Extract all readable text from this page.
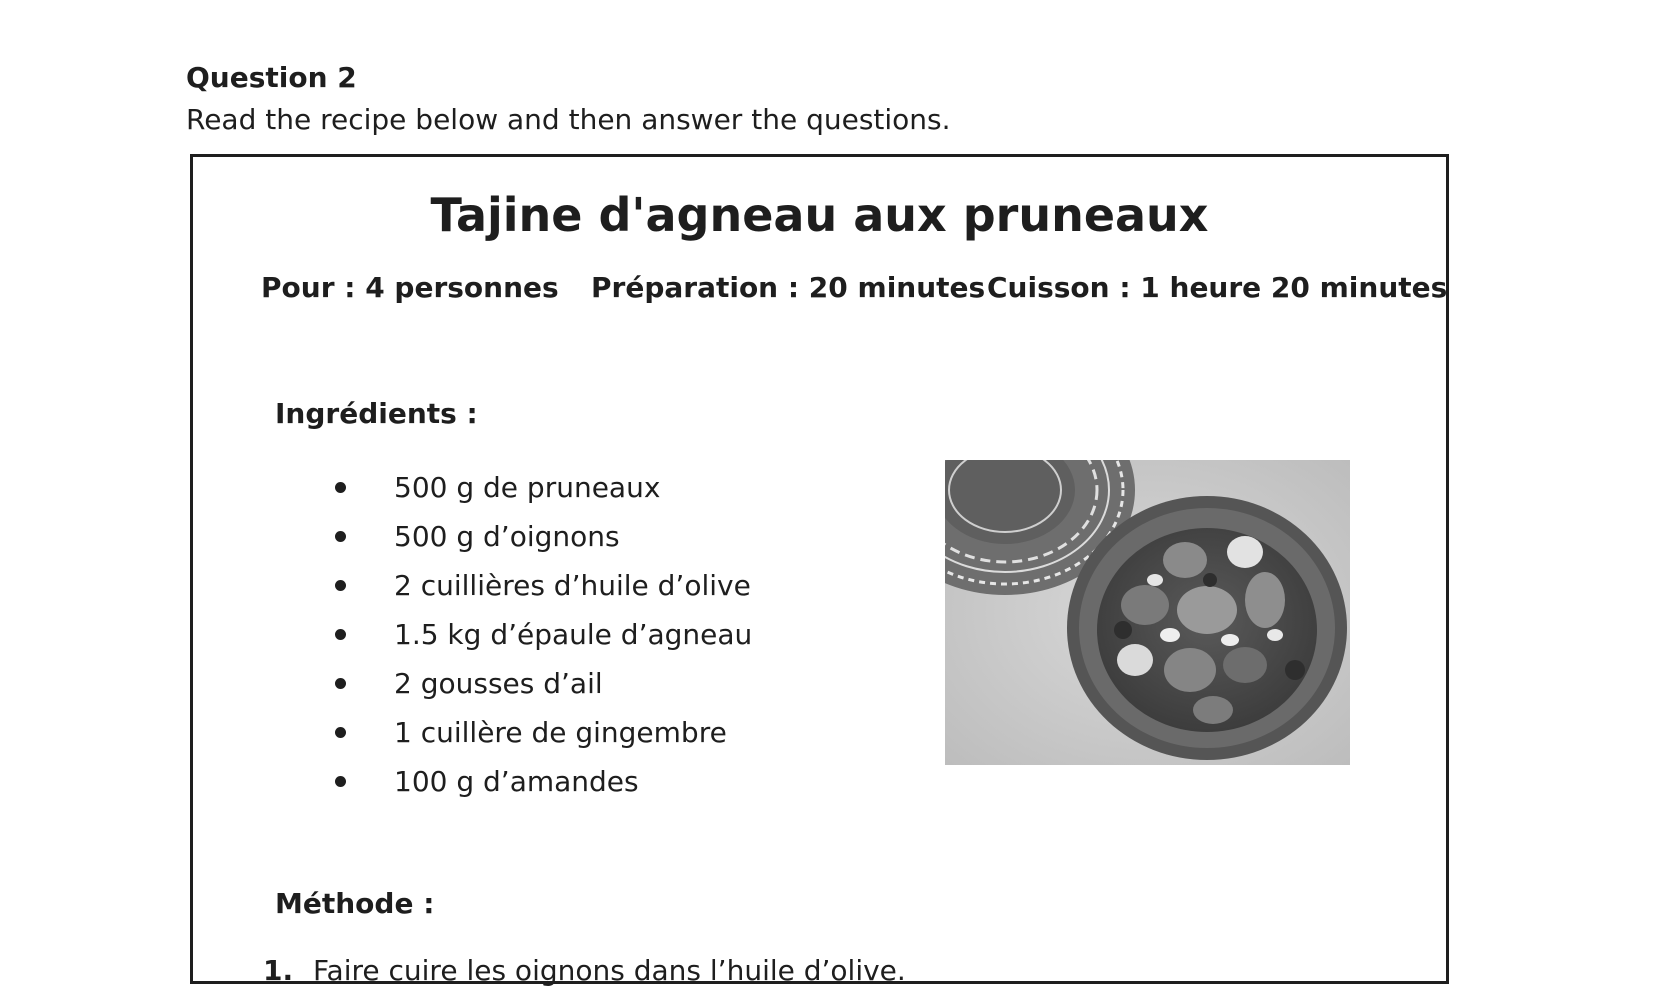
Question 2

Read the recipe below and then answer the questions.

Tajine d'agneau aux pruneaux
Pour : 4 personnes Préparation : 20 minutes Cuisson : 1 heure 20 minutes
Ingrédients :
500 g de pruneaux
500 g d’oignons
2 cuillières d’huile d’olive
1.5 kg d’épaule d’agneau
2 gousses d’ail
1 cuillère de gingembre
100 g d’amandes
Méthode :
1. Faire cuire les oignons dans l’huile d’olive.
